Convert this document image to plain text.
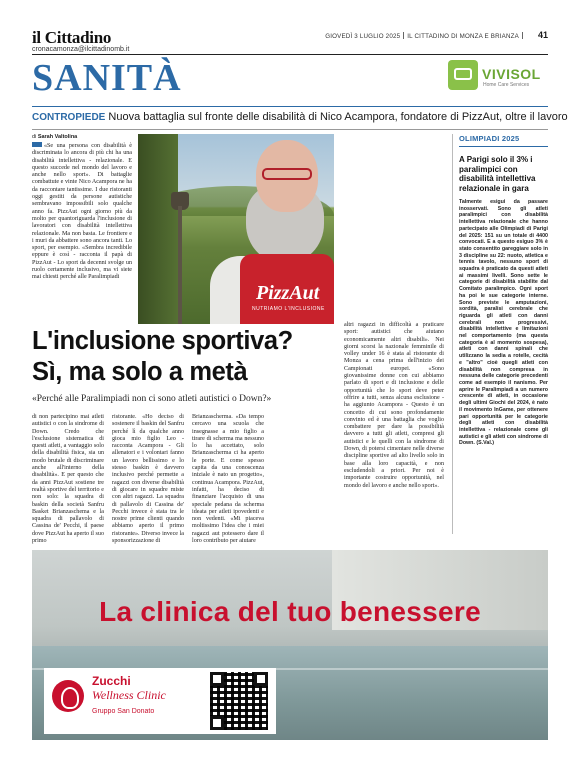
il Cittadino
cronacamonza@ilcittadinomb.it
GIOVEDÌ 3 LUGLIO 2025 IL CITTADINO DI MONZA E BRIANZA	41
SANITÀ	VIVISOL
Home Care Services
CONTROPIEDE Nuova battaglia sul fronte delle disabilità di Nico Acampora, fondatore di PizzAut, oltre il lavoro
di Sarah Valtolina
«Se una persona con disabilità è discriminata lo ancora di più chi ha una disabilità intellettiva - relazionale. E questo succede nel mondo del lavoro e anche nello sport». Di battaglie combattute e vinte Nico Acampora ne ha da raccontare tantissime. I due ristoranti oggi gestiti da persone autistiche sembravano impossibili solo qualche anno fa. PizzAut ogni giorno più da molto per quantoriguarda l'inclusione di lavoratori con disabilità intellettiva relazionale. Ma non basta. Le frontiere e i muri da abbattere sono ancora tanti. Lo sport, per esempio. «Sembra incredibile eppure è così - racconta il papà di PizzAut - Lo sport da decenni svolge un ruolo certamente inclusivo, ma vi siete mai chiesti perché alle Paralimpiadi
PizzAut
NUTRIAMO L'INCLUSIONE
L'inclusione sportiva?
Sì, ma solo a metà
«Perché alle Paralimpiadi non ci sono atleti autistici o Down?»
altri ragazzi in difficoltà a praticare sport: autistici che aiutano economicamente altri disabili». Nei giorni scorsi la nazionale femminile di volley under 16 è stata al ristorante di Monza a cena prima dell'inizio dei Campionati europei. «Sono giovanissime donne con cui abbiamo parlato di sport e di inclusione e delle opportunità che lo sport deve peter offrire a tutti, senza alcuna esclusione - ha aggiunto Acampora - Questo è un concetto di cui sono profondamente convinto ed è una battaglia che voglio combattere per dare la possibilità davvero a tutti gli atleti, compresi gli autistici e le quelli con la sindrome di Down, di potersi cimentare nelle diverse discipline sportive ad alto livello solo in base alla loro capacità, e non escludendoli a priori. Per noi è importante costruire opportunità, nel mondo del lavoro e anche nello sport».
di non partecipino mai atleti autistici o con la sindrome di Down. Credo che l'esclusione sistematica di questi atleti, a vantaggio solo della disabilità fisica, sia un modo brutale di discriminare anche all'interno della disabilità». E per questo che da anni PizzAut sostiene tre realtà sportive del territorio e non solo: la squadra di baskin della società Sanfru Basket Brianzaschema e la squadra di pallavolo di Cassina de' Pecchi, il paese dove PizzAut ha aperto il suo primo
ristorante. «Ho deciso di sostenere il baskin del Sanfru perché lì da qualche anno gioca mio figlio Leo - racconta Acampora - Gli allenatori e i volontari fanno un lavoro bellissimo e lo stesso baskin è davvero inclusivo perché permette a ragazzi con diverse disabilità di giocare in squadre miste con altri ragazzi. La squadra di pallavolo di Cassina de' Pecchi invece è stata tra le nostre prime clienti quando abbiamo aperto il primo ristorante». Diverso invece la sponsorizzazione di
Brianzascherma. «Da tempo cercavo una scuola che insegnasse a mio figlio a tirare di scherma ma nessuno lo ha accettato, solo Brianzascherma ci ha aperto le porte. E come spesso capita da una conoscenza iniziale è nato un progetto», continua Acampora. PizzAut, infatti, ha deciso di finanziare l'acquisto di una speciale pedana da scherma ideata per atleti ipovedenti e non vedenti. «Mi piaceva moltissimo l'idea che i miei ragazzi aut potessero dare il loro contributo per aiutare
OLIMPIADI 2025
A Parigi solo il 3% i paralimpici con disabilità intellettiva relazionale in gara
Talmente esigui da passare inosservati. Sono gli atleti paralimpici con disabilità intellettiva relazionale che hanno partecipato alle Olimpiadi di Parigi del 2025: 151 su un totale di 4400 convocati. E a questo esiguo 3% è stato consentito gareggiare solo in 3 discipline su 22: nuoto, atletica e tennis tavolo, nessuno sport di squadra è praticato da questi atleti ai massimi livelli. Sono sette le categorie di disabilità stabilite dal Comitato paralimpico. Ogni sport ha poi le sue categorie interne. Sono previste le amputazioni, sordità, paralisi cerebrale che riguarda gli atleti con danni cerebrali non progressivi, disabilità intellettive e limitazioni nel comportamento (ma questa categoria è al momento sospesa), atleti con danni spinali che utilizzano la sedia a rotelle, cecità e "altro" cioè quegli atleti con disabilità non compresa in nessuna delle categorie precedenti come ad esempio il nanismo. Per aprire le Paralimpiadi a un numero crescente di atleti, in occasione degli ultimi Giochi del 2024, è nato il movimento InGame, per ottenere pari opportunità per le categorie degli atleti con disabilità intellettiva - relazionale come gli autistici e gli atleti con sindrome di Down. (S.Val.)
La clinica del tuo benessere
Zucchi
Wellness Clinic
Gruppo San Donato
